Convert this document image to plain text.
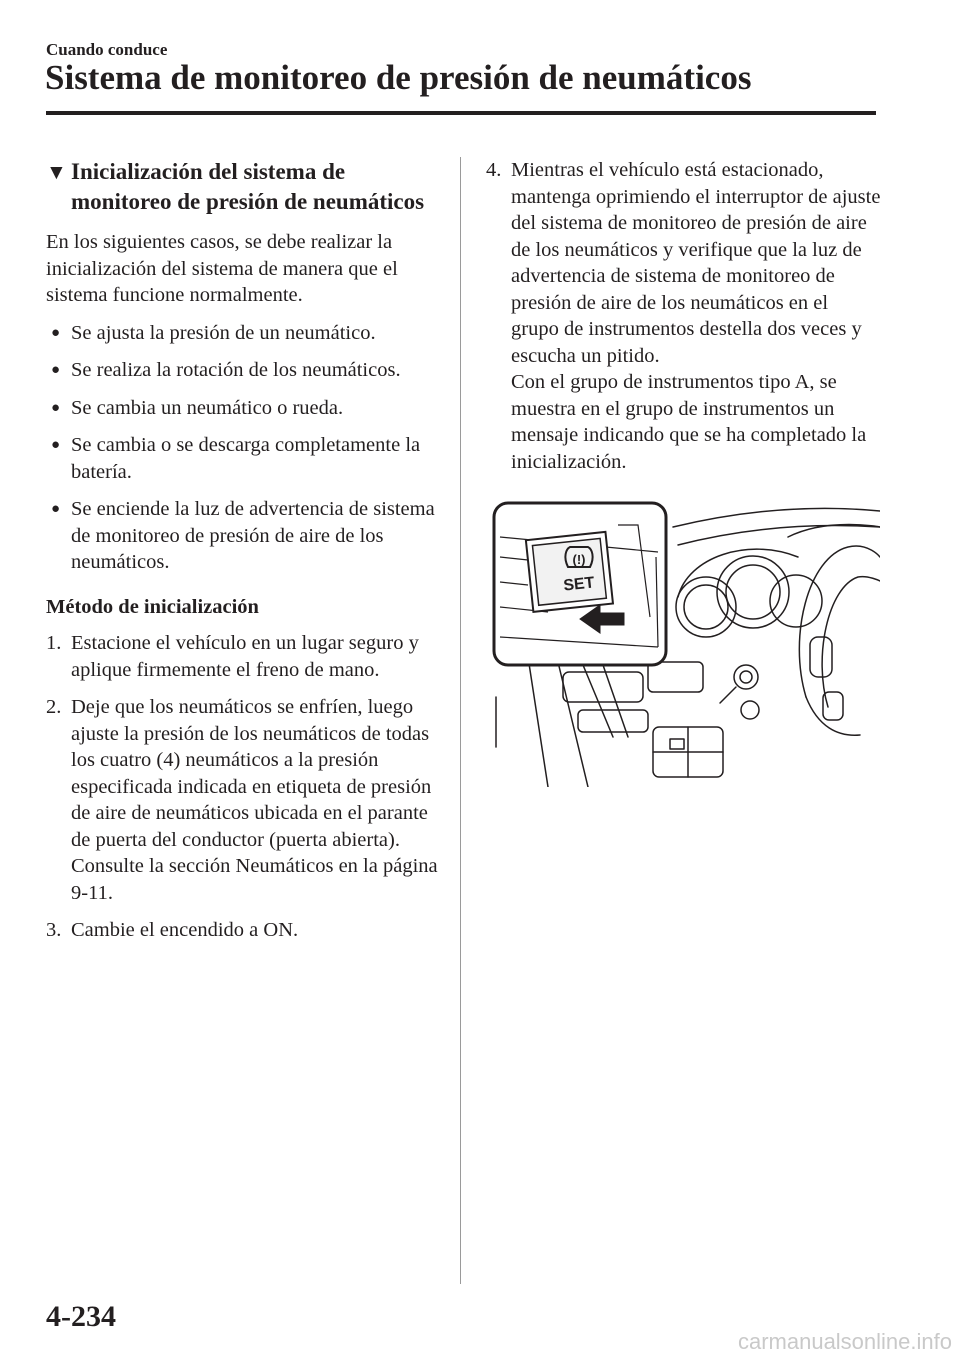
Cuando conduce
Sistema de monitoreo de presión de neumáticos
▼ Inicialización del sistema de
monitoreo de presión de neumáticos

En los siguientes casos, se debe realizar la inicialización del sistema de manera que el sistema funcione normalmente.

● Se ajusta la presión de un neumático.
● Se realiza la rotación de los neumáticos.
● Se cambia un neumático o rueda.
● Se cambia o se descarga completamente la batería.
● Se enciende la luz de advertencia de sistema de monitoreo de presión de aire de los neumáticos.
Método de inicialización
1. Estacione el vehículo en un lugar seguro y aplique firmemente el freno de mano.
2. Deje que los neumáticos se enfríen, luego ajuste la presión de los neumáticos de todas los cuatro (4) neumáticos a la presión especificada indicada en etiqueta de presión de aire de neumáticos ubicada en el parante de puerta del conductor (puerta abierta). Consulte la sección Neumáticos en la página 9-11.
3. Cambie el encendido a ON.
4. Mientras el vehículo está estacionado, mantenga oprimiendo el interruptor de ajuste del sistema de monitoreo de presión de aire de los neumáticos y verifique que la luz de advertencia de sistema de monitoreo de presión de aire de los neumáticos en el grupo de instrumentos destella dos veces y escucha un pitido.
Con el grupo de instrumentos tipo A, se muestra en el grupo de instrumentos un mensaje indicando que se ha completado la inicialización.
(!)
SET
4-234
carmanualsonline.info
